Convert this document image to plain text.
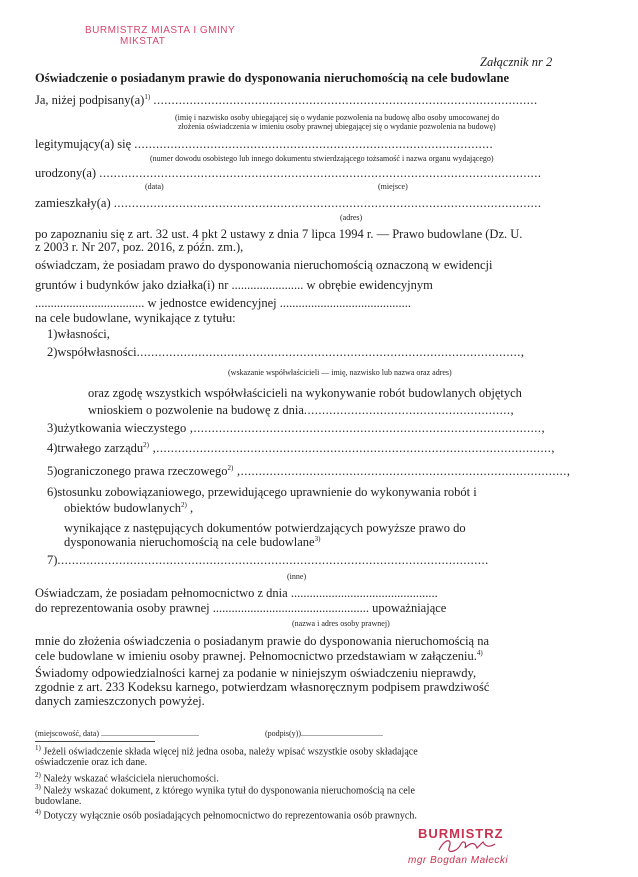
BURMISTRZ MIASTA I GMINY
MIKSTAT
Załącznik nr 2
Oświadczenie o posiadanym prawie do dysponowania nieruchomością na cele budowlane
Ja, niżej $podpisany(a)^{1)}$ ..........................................................................................................
(imię i nazwisko osoby ubiegającej się o wydanie pozwolenia na budowę albo osoby umocowanej do
złożenia oświadczenia w imieniu osoby prawnej ubiegającej się o wydanie pozwolenia na budowę)
legitymujący(a) się ...................................................................................................
(numer dowodu osobistego lub innego dokumentu stwierdzającego tożsamość i nazwa organu wydającego)
urodzony(a) ..........................................................................................................................
(data)	(miejsce)
zamieszkały(a) ......................................................................................................................
(adres)
po zapoznaniu się z art. 32 ust. 4 pkt 2 ustawy z dnia 7 lipca 1994 r. — Prawo budowlane (Dz. U.
z 2003 r. Nr 207, poz. 2016, z późn. zm.),
oświadczam, że posiadam prawo do dysponowania nieruchomością oznaczoną w ewidencji
gruntów i budynków jako działka(i) nr ....................... w obrębie ewidencyjnym
................................... w jednostce ewidencyjnej ..........................................
na cele budowlane, wynikające z tytułu:
1)własności,
2)współwłasności..........................................................................................................,
(wskazanie współwłaścicieli — imię, nazwisko lub nazwa oraz adres)
oraz zgodę wszystkich współwłaścicieli na wykonywanie robót budowlanych objętych
wnioskiem o pozwolenie na budowę z dnia.........................................................,
3)użytkowania wieczystego ,................................................................................................,
4)trwałego zarządu$^{2)}$ ,.............................................................................................................,
5)ograniczonego prawa rzeczowego$^{2)}$ ,..........................................................................................,
6)stosunku zobowiązaniowego, przewidującego uprawnienie do wykonywania robót i
obiektów budowlanych$^{2)}$ ,
wynikające z następujących dokumentów potwierdzających powyższe prawo do
dysponowania nieruchomością na cele budowlane$^{3)}$
7).......................................................................................................................
(inne)
Oświadczam, że posiadam pełnomocnictwo z dnia ...............................................
do reprezentowania osoby prawnej .................................................. upoważniające
(nazwa i adres osoby prawnej)
mnie do złożenia oświadczenia o posiadanym prawie do dysponowania nieruchomością na
cele budowlane w imieniu osoby prawnej. Pełnomocnictwo przedstawiam w załączeniu.$^{4)}$
Świadomy odpowiedzialności karnej za podanie w niniejszym oświadczeniu nieprawdy,
zgodnie z art. 233 Kodeksu karnego, potwierdzam własnoręcznym podpisem prawdziwość
danych zamieszczonych powyżej.
(miejscowość, data) .................................................	(podpis(y)).........................................
$^{1)}$ Jeżeli oświadczenie składa więcej niż jedna osoba, należy wpisać wszystkie osoby składające
oświadczenie oraz ich dane.
$^{2)}$ Należy wskazać właściciela nieruchomości.
$^{3)}$ Należy wskazać dokument, z którego wynika tytuł do dysponowania nieruchomością na cele
budowlane.
$^{4)}$ Dotyczy wyłącznie osób posiadających pełnomocnictwo do reprezentowania osób prawnych.
BURMISTRZ
mgr Bogdan Małecki
